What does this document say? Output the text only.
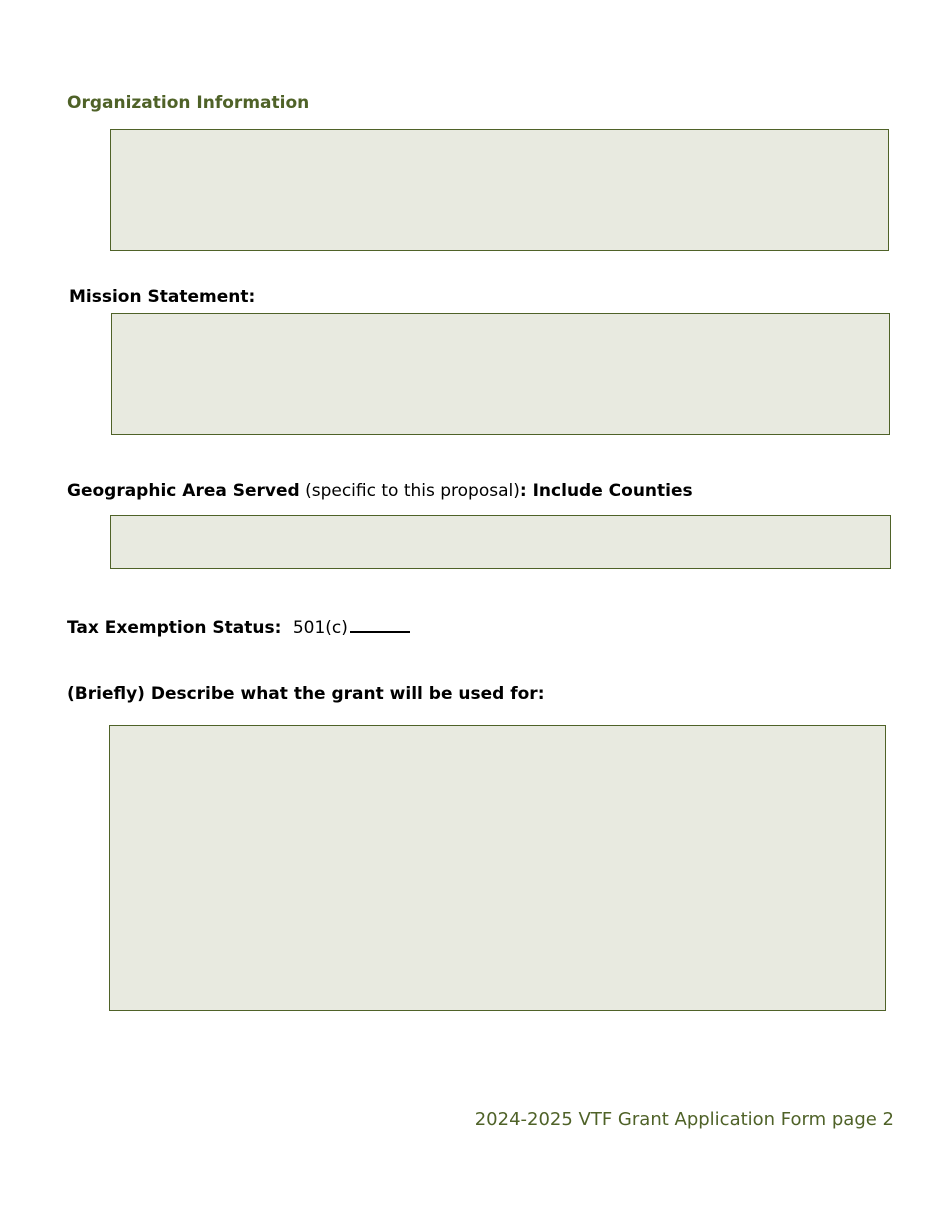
Organization Information
Mission Statement:
Geographic Area Served (specific to this proposal): Include Counties
Tax Exemption Status: 501(c)
(Briefly) Describe what the grant will be used for:
2024-2025 VTF Grant Application Form page 2
